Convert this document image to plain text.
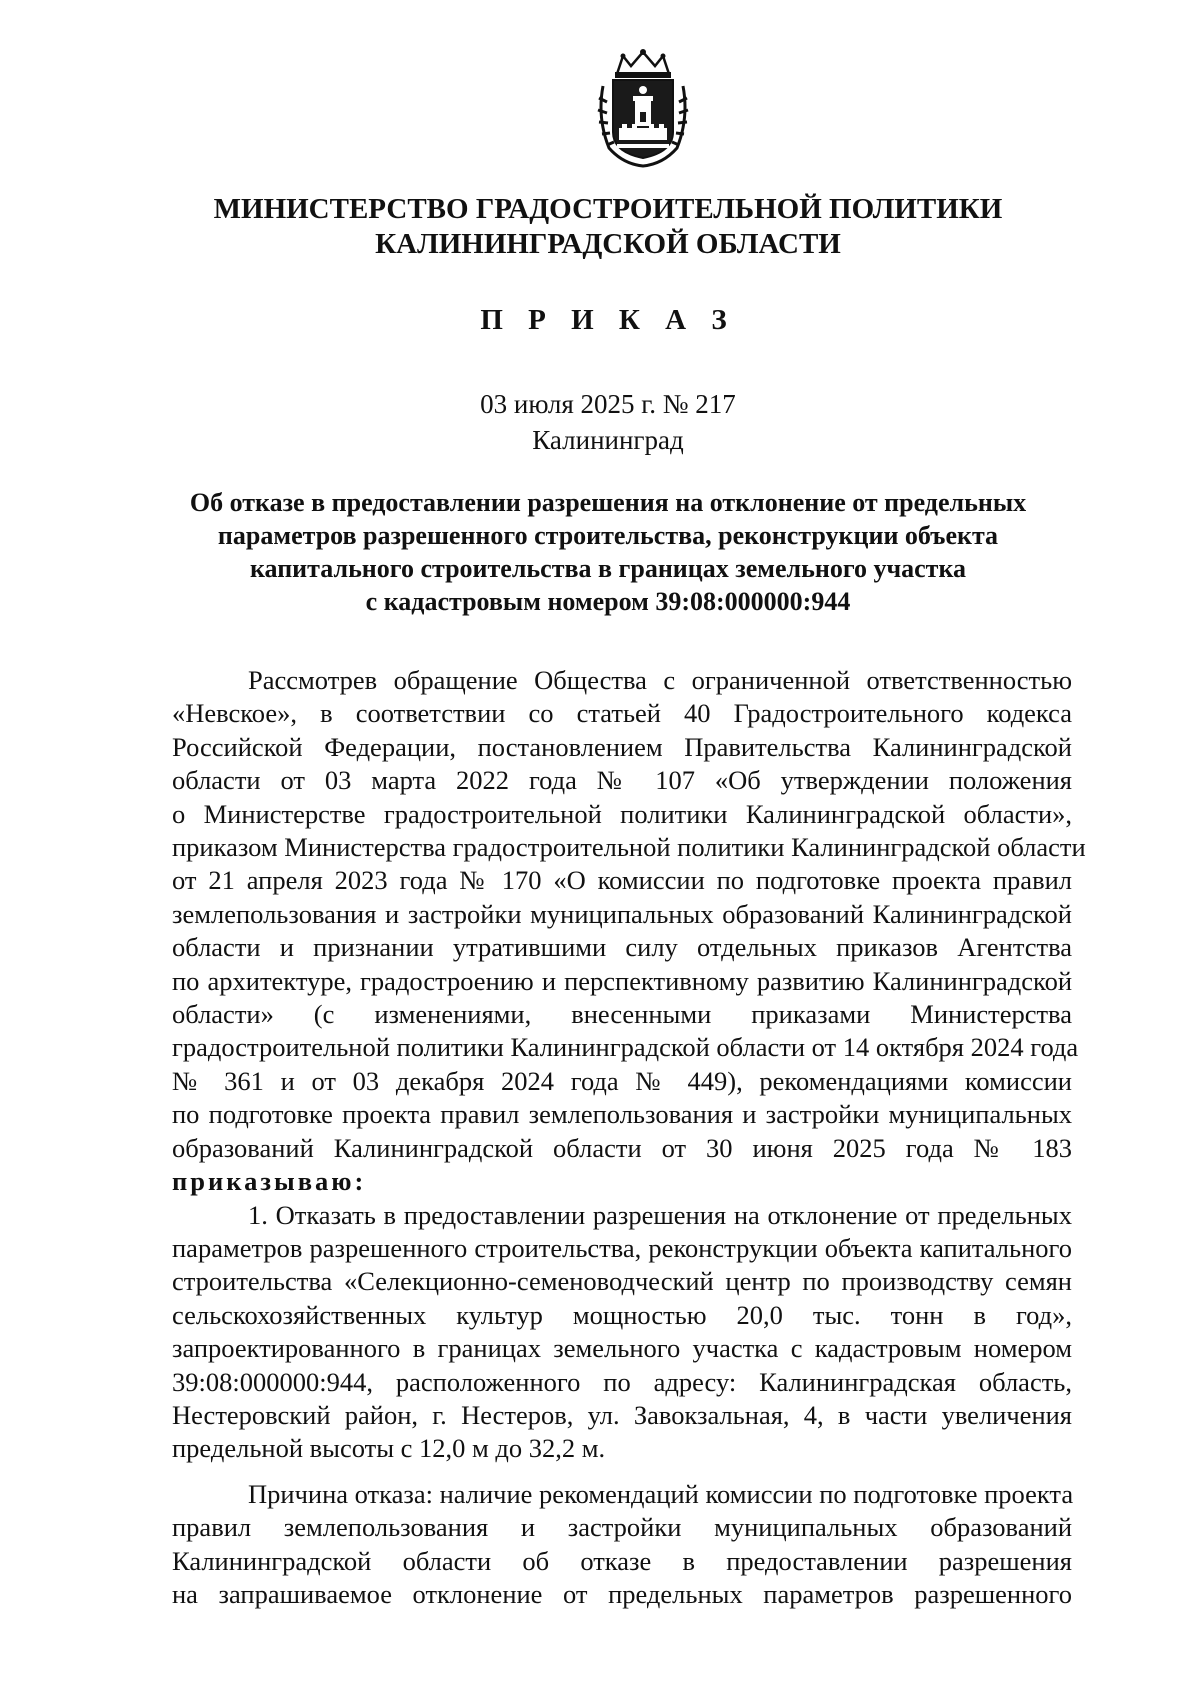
МИНИСТЕРСТВО ГРАДОСТРОИТЕЛЬНОЙ ПОЛИТИКИ
КАЛИНИНГРАДСКОЙ ОБЛАСТИ
П Р И К А З
03 июля 2025 г. № 217
Калининград
Об отказе в предоставлении разрешения на отклонение от предельных
параметров разрешенного строительства, реконструкции объекта
капитального строительства в границах земельного участка
с кадастровым номером 39:08:000000:944
Рассмотрев обращение Общества с ограниченной ответственностью
«Невское», в соответствии со статьей 40 Градостроительного кодекса
Российской Федерации, постановлением Правительства Калининградской
области от 03 марта 2022 года № 107 «Об утверждении положения
о Министерстве градостроительной политики Калининградской области»,
приказом Министерства градостроительной политики Калининградской области
от 21 апреля 2023 года № 170 «О комиссии по подготовке проекта правил
землепользования и застройки муниципальных образований Калининградской
области и признании утратившими силу отдельных приказов Агентства
по архитектуре, градостроению и перспективному развитию Калининградской
области» (с изменениями, внесенными приказами Министерства
градостроительной политики Калининградской области от 14 октября 2024 года
№ 361 и от 03 декабря 2024 года № 449), рекомендациями комиссии
по подготовке проекта правил землепользования и застройки муниципальных
образований Калининградской области от 30 июня 2025 года № 183
приказываю:
1. Отказать в предоставлении разрешения на отклонение от предельных
параметров разрешенного строительства, реконструкции объекта капитального
строительства «Селекционно-семеноводческий центр по производству семян
сельскохозяйственных культур мощностью 20,0 тыс. тонн в год»,
запроектированного в границах земельного участка с кадастровым номером
39:08:000000:944, расположенного по адресу: Калининградская область,
Нестеровский район, г. Нестеров, ул. Завокзальная, 4, в части увеличения
предельной высоты с 12,0 м до 32,2 м.
Причина отказа: наличие рекомендаций комиссии по подготовке проекта
правил землепользования и застройки муниципальных образований
Калининградской области об отказе в предоставлении разрешения
на запрашиваемое отклонение от предельных параметров разрешенного
